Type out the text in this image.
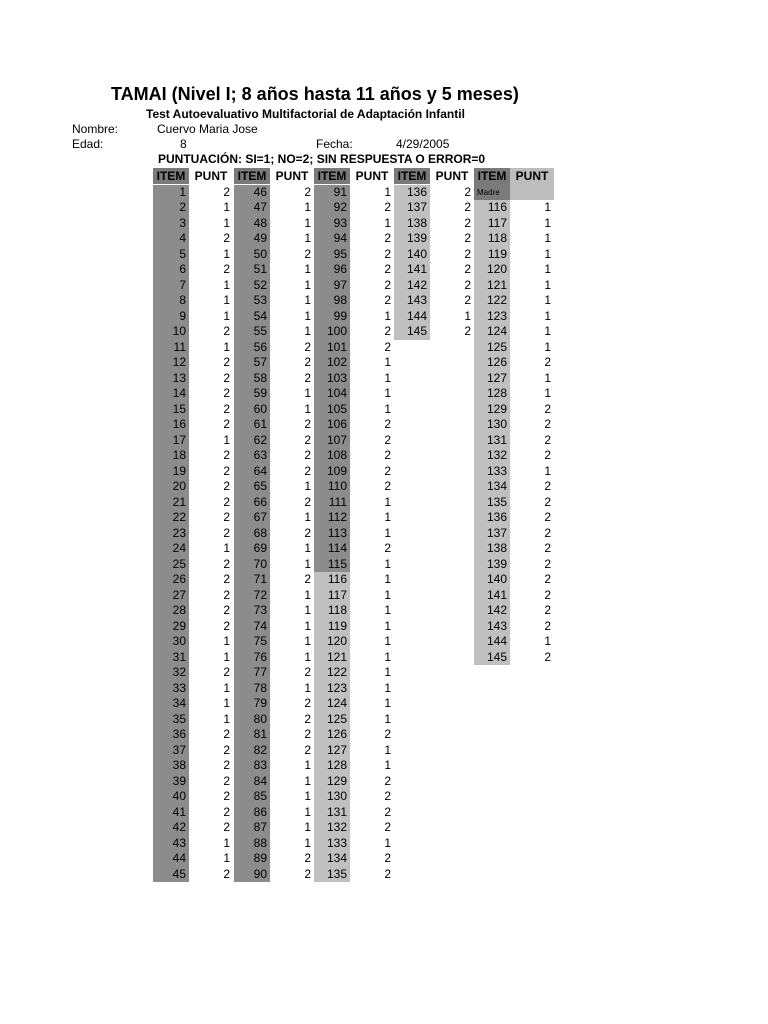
TAMAI (Nivel I; 8 años hasta 11 años y 5 meses)
Test Autoevaluativo Multifactorial de Adaptación Infantil
Nombre:	Cuervo Maria Jose
Edad:	8	Fecha:	4/29/2005
PUNTUACIÓN: SI=1; NO=2; SIN RESPUESTA O ERROR=0
ITEM PUNT
1	2
2	1
3	1
4	2
5	1
6	2
7	1
8	1
9	1
10	2
11	1
12	2
13	2
14	2
15	2
16	2
17	1
18	2
19	2
20	2
21	2
22	2
23	2
24	1
25	2
26	2
27	2
28	2
29	2
30	1
31	1
32	2
33	1
34	1
35	1
36	2
37	2
38	2
39	2
40	2
41	2
42	2
43	1
44	1
45	2
ITEM PUNT
46	2
47	1
48	1
49	1
50	2
51	1
52	1
53	1
54	1
55	1
56	2
57	2
58	2
59	1
60	1
61	2
62	2
63	2
64	2
65	1
66	2
67	1
68	2
69	1
70	1
71	2
72	1
73	1
74	1
75	1
76	1
77	2
78	1
79	2
80	2
81	2
82	2
83	1
84	1
85	1
86	1
87	1
88	1
89	2
90	2
ITEM PUNT
91	1
92	2
93	1
94	2
95	2
96	2
97	2
98	2
99	1
100	2
101	2
102	1
103	1
104	1
105	1
106	2
107	2
108	2
109	2
110	2
111	1
112	1
113	1
114	2
115	1
116	1
117	1
118	1
119	1
120	1
121	1
122	1
123	1
124	1
125	1
126	2
127	1
128	1
129	2
130	2
131	2
132	2
133	1
134	2
135	2
ITEM PUNT
136	2
137	2
138	2
139	2
140	2
141	2
142	2
143	2
144	1
145	2
ITEM PUNT
Madre
116	1
117	1
118	1
119	1
120	1
121	1
122	1
123	1
124	1
125	1
126	2
127	1
128	1
129	2
130	2
131	2
132	2
133	1
134	2
135	2
136	2
137	2
138	2
139	2
140	2
141	2
142	2
143	2
144	1
145	2
